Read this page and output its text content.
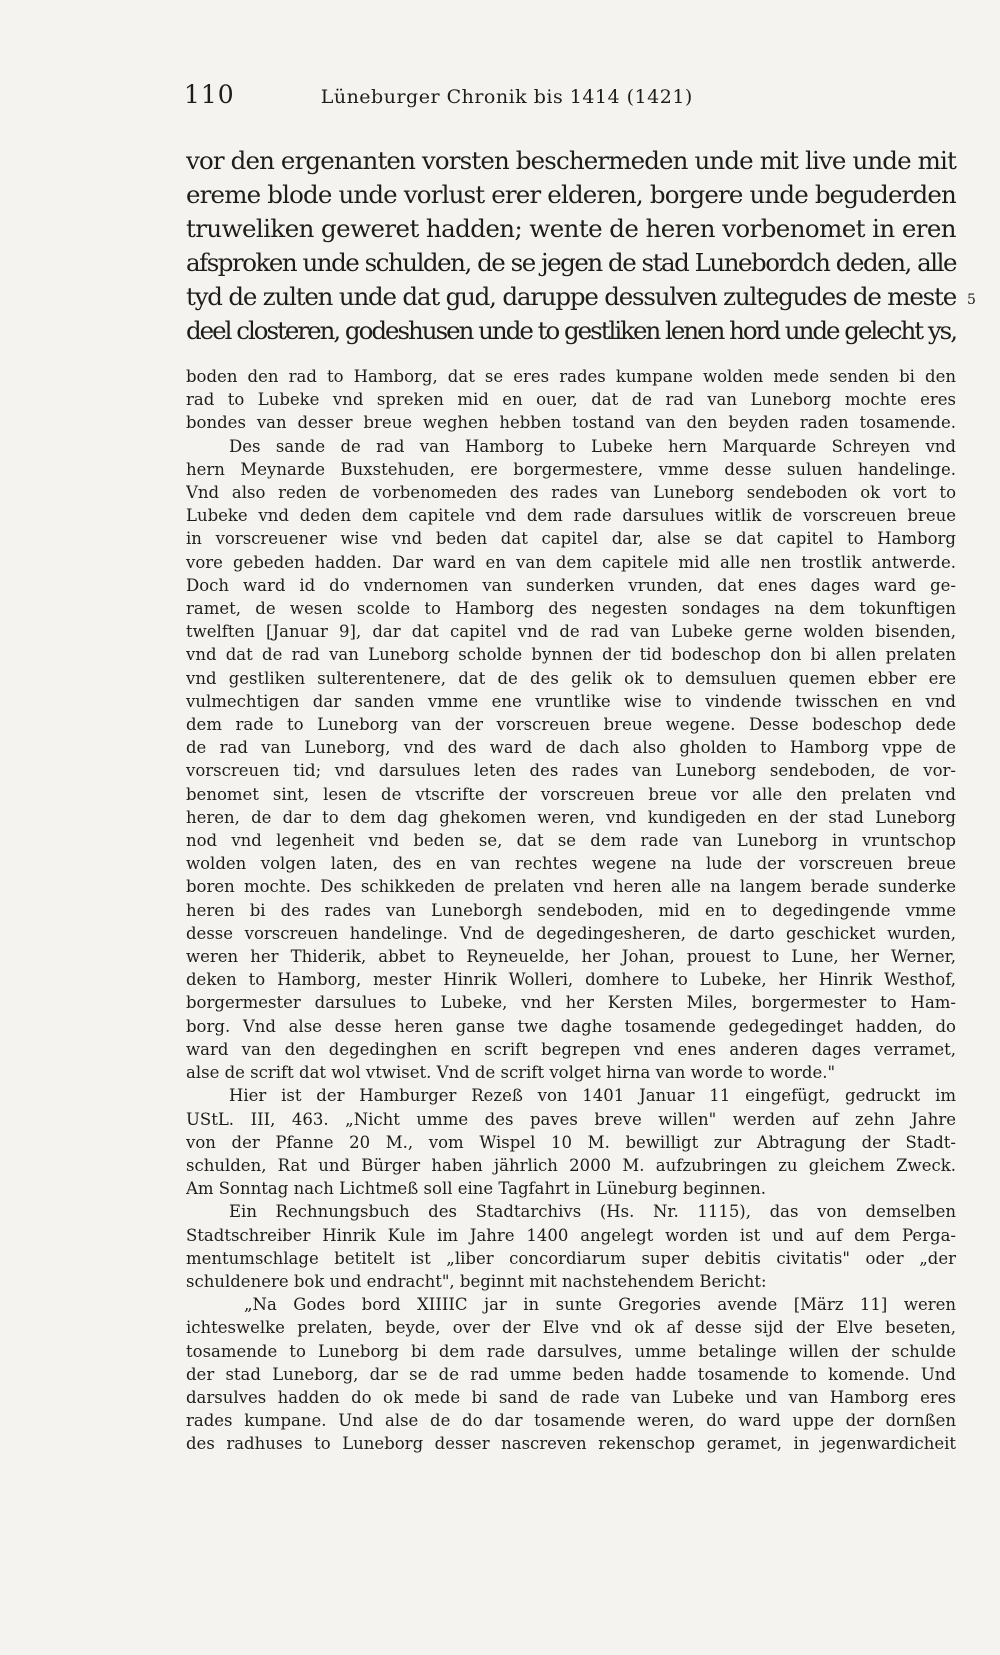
110	Lüneburger Chronik bis 1414 (1421)
vor den ergenanten vorsten beschermeden unde mit live unde mit
ereme blode unde vorlust erer elderen, borgere unde beguderden
truweliken geweret hadden; wente de heren vorbenomet in eren
afsproken unde schulden, de se jegen de stad Lunebordch deden, alle
tyd de zulten unde dat gud, daruppe dessulven zultegudes de meste
deel closteren, godeshusen unde to gestliken lenen hord unde gelecht ys,
5
boden den rad to Hamborg, dat se eres rades kumpane wolden mede senden bi den
rad to Lubeke vnd spreken mid en ouer, dat de rad van Luneborg mochte eres
bondes van desser breue weghen hebben tostand van den beyden raden tosamende.
Des sande de rad van Hamborg to Lubeke hern Marquarde Schreyen vnd
hern Meynarde Buxstehuden, ere borgermestere, vmme desse suluen handelinge.
Vnd also reden de vorbenomeden des rades van Luneborg sendeboden ok vort to
Lubeke vnd deden dem capitele vnd dem rade darsulues witlik de vorscreuen breue
in vorscreuener wise vnd beden dat capitel dar, alse se dat capitel to Hamborg
vore gebeden hadden. Dar ward en van dem capitele mid alle nen trostlik antwerde.
Doch ward id do vndernomen van sunderken vrunden, dat enes dages ward ge-
ramet, de wesen scolde to Hamborg des negesten sondages na dem tokunftigen
twelften [Januar 9], dar dat capitel vnd de rad van Lubeke gerne wolden bisenden,
vnd dat de rad van Luneborg scholde bynnen der tid bodeschop don bi allen prelaten
vnd gestliken sulterentenere, dat de des gelik ok to demsuluen quemen ebber ere
vulmechtigen dar sanden vmme ene vruntlike wise to vindende twisschen en vnd
dem rade to Luneborg van der vorscreuen breue wegene. Desse bodeschop dede
de rad van Luneborg, vnd des ward de dach also gholden to Hamborg vppe de
vorscreuen tid; vnd darsulues leten des rades van Luneborg sendeboden, de vor-
benomet sint, lesen de vtscrifte der vorscreuen breue vor alle den prelaten vnd
heren, de dar to dem dag ghekomen weren, vnd kundigeden en der stad Luneborg
nod vnd legenheit vnd beden se, dat se dem rade van Luneborg in vruntschop
wolden volgen laten, des en van rechtes wegene na lude der vorscreuen breue
boren mochte. Des schikkeden de prelaten vnd heren alle na langem berade sunderke
heren bi des rades van Luneborgh sendeboden, mid en to degedingende vmme
desse vorscreuen handelinge. Vnd de degedingesheren, de darto geschicket wurden,
weren her Thiderik, abbet to Reyneuelde, her Johan, prouest to Lune, her Werner,
deken to Hamborg, mester Hinrik Wolleri, domhere to Lubeke, her Hinrik Westhof,
borgermester darsulues to Lubeke, vnd her Kersten Miles, borgermester to Ham-
borg. Vnd alse desse heren ganse twe daghe tosamende gedegedinget hadden, do
ward van den degedinghen en scrift begrepen vnd enes anderen dages verramet,
alse de scrift dat wol vtwiset. Vnd de scrift volget hirna van worde to worde."
Hier ist der Hamburger Rezeß von 1401 Januar 11 eingefügt, gedruckt im
UStL. III, 463. „Nicht umme des paves breve willen" werden auf zehn Jahre
von der Pfanne 20 M., vom Wispel 10 M. bewilligt zur Abtragung der Stadt-
schulden, Rat und Bürger haben jährlich 2000 M. aufzubringen zu gleichem Zweck.
Am Sonntag nach Lichtmeß soll eine Tagfahrt in Lüneburg beginnen.
Ein Rechnungsbuch des Stadtarchivs (Hs. Nr. 1115), das von demselben
Stadtschreiber Hinrik Kule im Jahre 1400 angelegt worden ist und auf dem Perga-
mentumschlage betitelt ist „liber concordiarum super debitis civitatis" oder „der
schuldenere bok und endracht", beginnt mit nachstehendem Bericht:
„Na Godes bord XIIIIC jar in sunte Gregories avende [März 11] weren
ichteswelke prelaten, beyde, over der Elve vnd ok af desse sijd der Elve beseten,
tosamende to Luneborg bi dem rade darsulves, umme betalinge willen der schulde
der stad Luneborg, dar se de rad umme beden hadde tosamende to komende. Und
darsulves hadden do ok mede bi sand de rade van Lubeke und van Hamborg eres
rades kumpane. Und alse de do dar tosamende weren, do ward uppe der dornßen
des radhuses to Luneborg desser nascreven rekenschop geramet, in jegenwardicheit
